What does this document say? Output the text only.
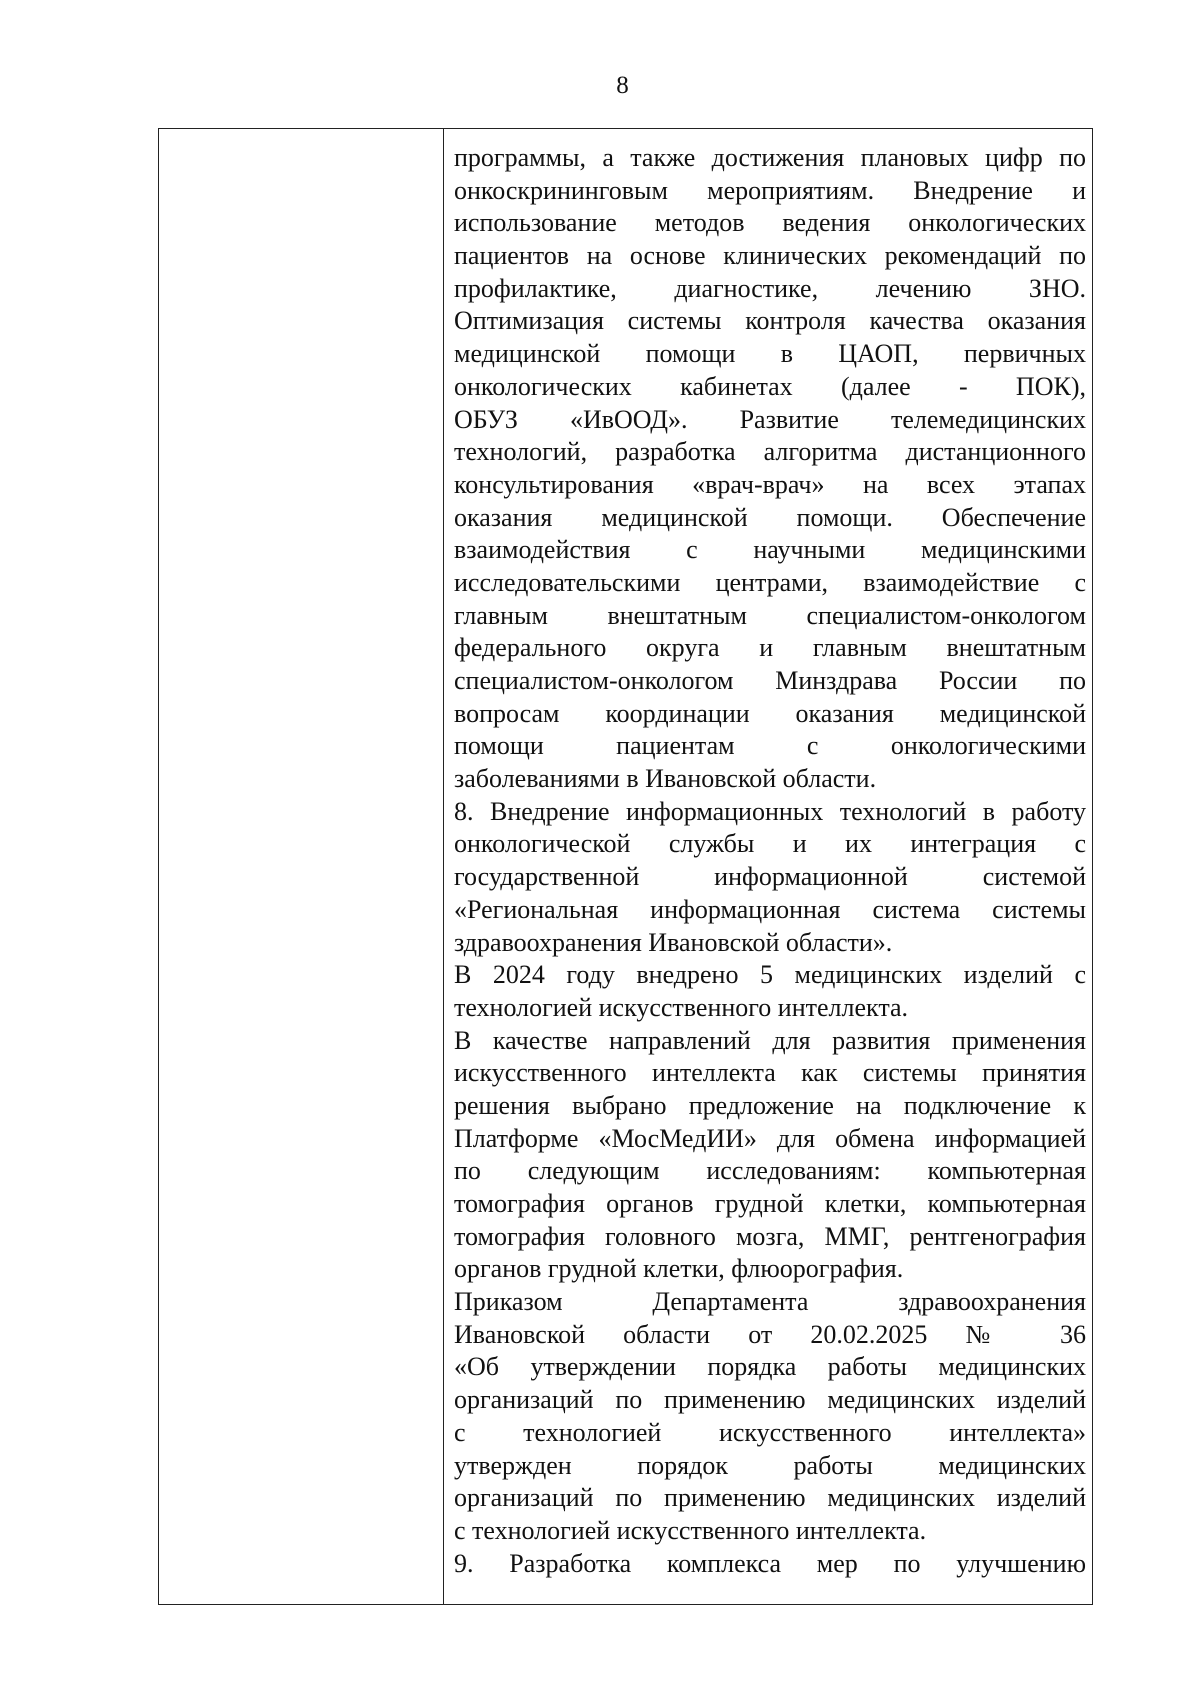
8
программы, а также достижения плановых цифр по
онкоскрининговым мероприятиям. Внедрение и
использование методов ведения онкологических
пациентов на основе клинических рекомендаций по
профилактике, диагностике, лечению ЗНО.
Оптимизация системы контроля качества оказания
медицинской помощи в ЦАОП, первичных
онкологических кабинетах (далее - ПОК),
ОБУЗ «ИвООД». Развитие телемедицинских
технологий, разработка алгоритма дистанционного
консультирования «врач-врач» на всех этапах
оказания медицинской помощи. Обеспечение
взаимодействия с научными медицинскими
исследовательскими центрами, взаимодействие с
главным внештатным специалистом-онкологом
федерального округа и главным внештатным
специалистом-онкологом Минздрава России по
вопросам координации оказания медицинской
помощи пациентам с онкологическими
заболеваниями в Ивановской области.
8. Внедрение информационных технологий в работу
онкологической службы и их интеграция с
государственной информационной системой
«Региональная информационная система системы
здравоохранения Ивановской области».
В 2024 году внедрено 5 медицинских изделий с
технологией искусственного интеллекта.
В качестве направлений для развития применения
искусственного интеллекта как системы принятия
решения выбрано предложение на подключение к
Платформе «МосМедИИ» для обмена информацией
по следующим исследованиям: компьютерная
томография органов грудной клетки, компьютерная
томография головного мозга, ММГ, рентгенография
органов грудной клетки, флюорография.
Приказом Департамента здравоохранения
Ивановской области от 20.02.2025 № 36
«Об утверждении порядка работы медицинских
организаций по применению медицинских изделий
с технологией искусственного интеллекта»
утвержден порядок работы медицинских
организаций по применению медицинских изделий
с технологией искусственного интеллекта.
9. Разработка комплекса мер по улучшению
